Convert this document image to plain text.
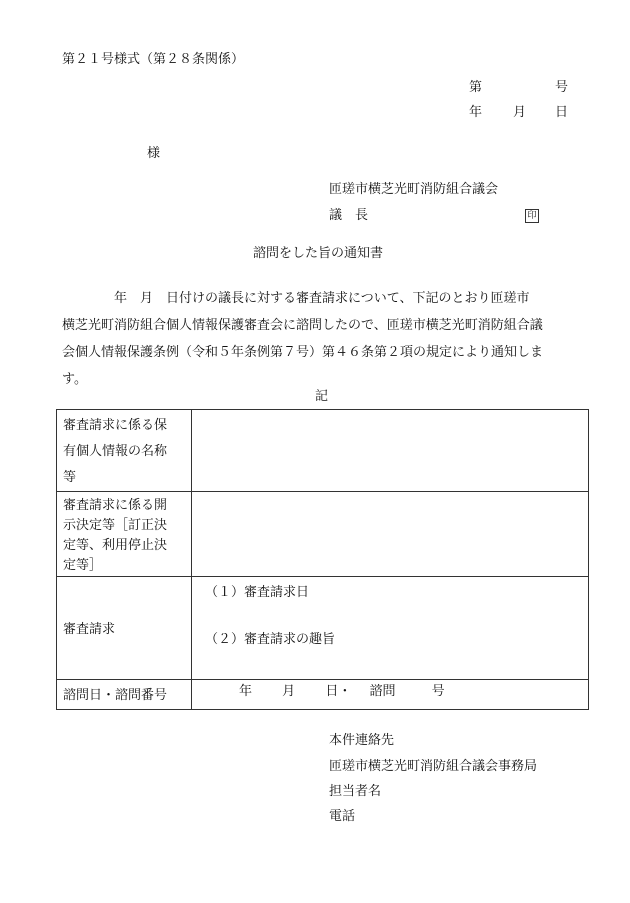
第２１号様式（第２８条関係）
第	号
年 月 日
様
匝瑳市横芝光町消防組合議会
議　長	印
諮問をした旨の通知書
　　　　年　月　日付けの議長に対する審査請求について、下記のとおり匝瑳市
横芝光町消防組合個人情報保護審査会に諮問したので、匝瑳市横芝光町消防組合議
会個人情報保護条例（令和５年条例第７号）第４６条第２項の規定により通知しま
す。
記
審査請求に係る保
有個人情報の名称
等	

審査請求に係る開
示決定等［訂正決
定等、利用停止決
定等］	

審査請求	（１）審査請求日
（２）審査請求の趣旨

諮問日・諮問番号	年 月 日・ 諮問 号
本件連絡先
匝瑳市横芝光町消防組合議会事務局
担当者名
電話
